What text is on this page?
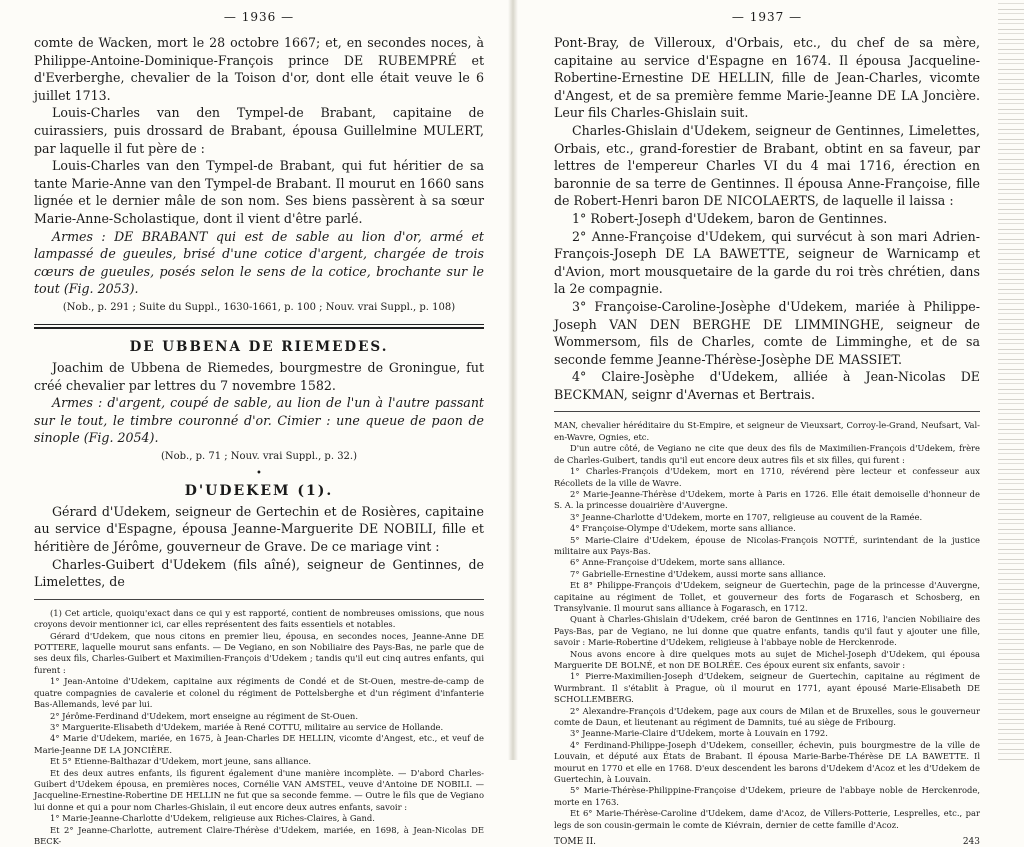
— 1936 —

comte de Wacken, mort le 28 octobre 1667; et, en secondes noces, à Philippe-Antoine-Dominique-François prince DE RUBEMPRÉ et d'Everberghe, chevalier de la Toison d'or, dont elle était veuve le 6 juillet 1713.

Louis-Charles van den Tympel-de Brabant, capitaine de cuirassiers, puis drossard de Brabant, épousa Guillelmine MULERT, par laquelle il fut père de :

Louis-Charles van den Tympel-de Brabant, qui fut héritier de sa tante Marie-Anne van den Tympel-de Brabant. Il mourut en 1660 sans lignée et le dernier mâle de son nom. Ses biens passèrent à sa sœur Marie-Anne-Scholastique, dont il vient d'être parlé.

Armes : DE BRABANT qui est de sable au lion d'or, armé et lampassé de gueules, brisé d'une cotice d'argent, chargée de trois cœurs de gueules, posés selon le sens de la cotice, brochante sur le tout (Fig. 2053).

(Nob., p. 291 ; Suite du Suppl., 1630-1661, p. 100 ; Nouv. vrai Suppl., p. 108)
DE UBBENA DE RIEMEDES.

Joachim de Ubbena de Riemedes, bourgmestre de Groningue, fut créé chevalier par lettres du 7 novembre 1582.

Armes : d'argent, coupé de sable, au lion de l'un à l'autre passant sur le tout, le timbre couronné d'or. Cimier : une queue de paon de sinople (Fig. 2054).

(Nob., p. 71 ; Nouv. vrai Suppl., p. 32.)
•
D'UDEKEM (1).

Gérard d'Udekem, seigneur de Gertechin et de Rosières, capitaine au service d'Espagne, épousa Jeanne-Marguerite DE NOBILI, fille et héritière de Jérôme, gouverneur de Grave. De ce mariage vint :

Charles-Guibert d'Udekem (fils aîné), seigneur de Gentinnes, de Limelettes, de

(1) Cet article, quoiqu'exact dans ce qui y est rapporté, contient de nombreuses omissions, que nous croyons devoir mentionner ici, car elles représentent des faits essentiels et notables.

Gérard d'Udekem, que nous citons en premier lieu, épousa, en secondes noces, Jeanne-Anne DE POTTERE, laquelle mourut sans enfants. — De Vegiano, en son Nobiliaire des Pays-Bas, ne parle que de ses deux fils, Charles-Guibert et Maximilien-François d'Udekem ; tandis qu'il eut cinq autres enfants, qui furent :

1° Jean-Antoine d'Udekem, capitaine aux régiments de Condé et de St-Ouen, mestre-de-camp de quatre compagnies de cavalerie et colonel du régiment de Pottelsberghe et d'un régiment d'infanterie Bas-Allemands, levé par lui.

2° Jérôme-Ferdinand d'Udekem, mort enseigne au régiment de St-Ouen.

3° Marguerite-Elisabeth d'Udekem, mariée à René COTTU, militaire au service de Hollande.

4° Marie d'Udekem, mariée, en 1675, à Jean-Charles DE HELLIN, vicomte d'Angest, etc., et veuf de Marie-Jeanne DE LA JONCIÈRE.

Et 5° Etienne-Balthazar d'Udekem, mort jeune, sans alliance.

Et des deux autres enfants, ils figurent également d'une manière incomplète. — D'abord Charles-Guibert d'Udekem épousa, en premières noces, Cornélie VAN AMSTEL, veuve d'Antoine DE NOBILI. — Jacqueline-Ernestine-Robertine DE HELLIN ne fut que sa seconde femme. — Outre le fils que de Vegiano lui donne et qui a pour nom Charles-Ghislain, il eut encore deux autres enfants, savoir :

1° Marie-Jeanne-Charlotte d'Udekem, religieuse aux Riches-Claires, à Gand.

Et 2° Jeanne-Charlotte, autrement Claire-Thérèse d'Udekem, mariée, en 1698, à Jean-Nicolas DE BECK-

— 1937 —

Pont-Bray, de Villeroux, d'Orbais, etc., du chef de sa mère, capitaine au service d'Espagne en 1674. Il épousa Jacqueline-Robertine-Ernestine DE HELLIN, fille de Jean-Charles, vicomte d'Angest, et de sa première femme Marie-Jeanne DE LA Joncière. Leur fils Charles-Ghislain suit.

Charles-Ghislain d'Udekem, seigneur de Gentinnes, Limelettes, Orbais, etc., grand-forestier de Brabant, obtint en sa faveur, par lettres de l'empereur Charles VI du 4 mai 1716, érection en baronnie de sa terre de Gentinnes. Il épousa Anne-Françoise, fille de Robert-Henri baron DE NICOLAERTS, de laquelle il laissa :

1° Robert-Joseph d'Udekem, baron de Gentinnes.

2° Anne-Françoise d'Udekem, qui survécut à son mari Adrien-François-Joseph DE LA BAWETTE, seigneur de Warnicamp et d'Avion, mort mousquetaire de la garde du roi très chrétien, dans la 2e compagnie.

3° Françoise-Caroline-Josèphe d'Udekem, mariée à Philippe-Joseph VAN DEN BERGHE DE LIMMINGHE, seigneur de Wommersom, fils de Charles, comte de Limminghe, et de sa seconde femme Jeanne-Thérèse-Josèphe DE MASSIET.

4° Claire-Josèphe d'Udekem, alliée à Jean-Nicolas DE BECKMAN, seignr d'Avernas et Bertrais.

MAN, chevalier héréditaire du St-Empire, et seigneur de Vieuxsart, Corroy-le-Grand, Neufsart, Val-en-Wavre, Ognies, etc.

D'un autre côté, de Vegiano ne cite que deux des fils de Maximilien-François d'Udekem, frère de Charles-Guibert, tandis qu'il eut encore deux autres fils et six filles, qui furent :

1° Charles-François d'Udekem, mort en 1710, révérend père lecteur et confesseur aux Récollets de la ville de Wavre.

2° Marie-Jeanne-Thérèse d'Udekem, morte à Paris en 1726. Elle était demoiselle d'honneur de S. A. la princesse douairière d'Auvergne.

3° Jeanne-Charlotte d'Udekem, morte en 1707, religieuse au couvent de la Ramée.

4° Françoise-Olympe d'Udekem, morte sans alliance.

5° Marie-Claire d'Udekem, épouse de Nicolas-François NOTTÉ, surintendant de la justice militaire aux Pays-Bas.

6° Anne-Françoise d'Udekem, morte sans alliance.

7° Gabrielle-Ernestine d'Udekem, aussi morte sans alliance.

Et 8° Philippe-François d'Udekem, seigneur de Guertechin, page de la princesse d'Auvergne, capitaine au régiment de Tollet, et gouverneur des forts de Fogarasch et Schosberg, en Transylvanie. Il mourut sans alliance à Fogarasch, en 1712.

Quant à Charles-Ghislain d'Udekem, créé baron de Gentinnes en 1716, l'ancien Nobiliaire des Pays-Bas, par de Vegiano, ne lui donne que quatre enfants, tandis qu'il faut y ajouter une fille, savoir : Marie-Robertine d'Udekem, religieuse à l'abbaye noble de Herckenrode.

Nous avons encore à dire quelques mots au sujet de Michel-Joseph d'Udekem, qui épousa Marguerite DE BOLNÉ, et non DE BOLRÉE. Ces époux eurent six enfants, savoir :

1° Pierre-Maximilien-Joseph d'Udekem, seigneur de Guertechin, capitaine au régiment de Wurmbrant. Il s'établit à Prague, où il mourut en 1771, ayant épousé Marie-Elisabeth DE SCHOLLEMBERG.

2° Alexandre-François d'Udekem, page aux cours de Milan et de Bruxelles, sous le gouverneur comte de Daun, et lieutenant au régiment de Damnits, tué au siège de Fribourg.

3° Jeanne-Marie-Claire d'Udekem, morte à Louvain en 1792.

4° Ferdinand-Philippe-Joseph d'Udekem, conseiller, échevin, puis bourgmestre de la ville de Louvain, et député aux États de Brabant. Il épousa Marie-Barbe-Thérèse DE LA BAWETTE. Il mourut en 1770 et elle en 1768. D'eux descendent les barons d'Udekem d'Acoz et les d'Udekem de Guertechin, à Louvain.

5° Marie-Thérèse-Philippine-Françoise d'Udekem, prieure de l'abbaye noble de Herckenrode, morte en 1763.

Et 6° Marie-Thérèse-Caroline d'Udekem, dame d'Acoz, de Villers-Potterie, Lesprelles, etc., par legs de son cousin-germain le comte de Kiévrain, dernier de cette famille d'Acoz.

TOME II.	243
